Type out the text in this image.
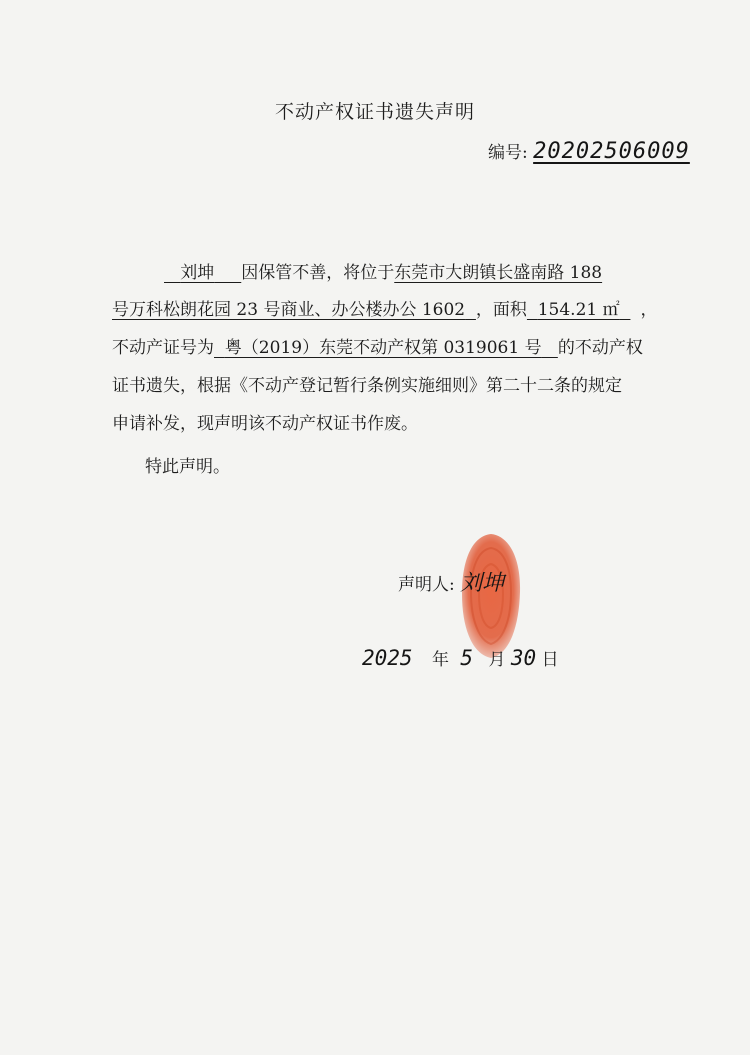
不动产权证书遗失声明
编号: 20202506009
刘坤 因保管不善，将位于东莞市大朗镇长盛南路 188
号万科松朗花园 23 号商业、办公楼办公 1602 ，面积 154.21 ㎡ ，
不动产证号为 粤（2019）东莞不动产权第 0319061 号 的不动产权
证书遗失，根据《不动产登记暂行条例实施细则》第二十二条的规定
申请补发，现声明该不动产权证书作废。
特此声明。
声明人: 刘坤
2025 年 5 月 30 日
